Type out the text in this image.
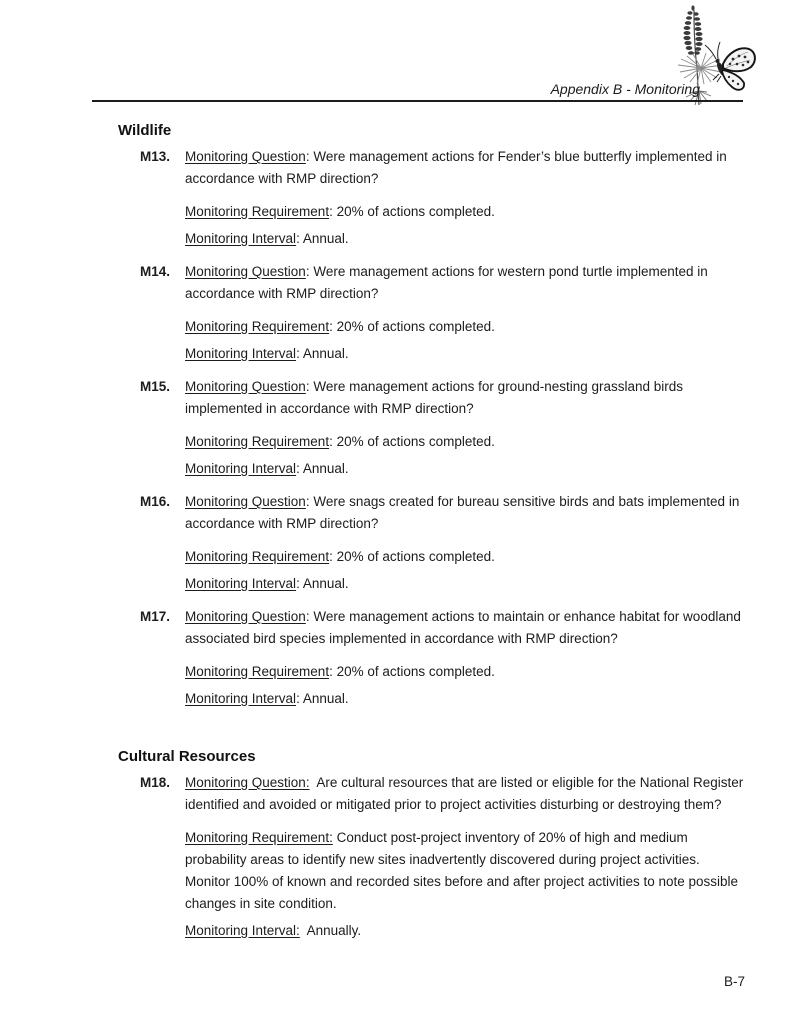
Appendix B - Monitoring
Wildlife
M13.	Monitoring Question: Were management actions for Fender’s blue butterfly implemented in
accordance with RMP direction?
Monitoring Requirement: 20% of actions completed.
Monitoring Interval: Annual.
M14.	Monitoring Question: Were management actions for western pond turtle implemented in
accordance with RMP direction?
Monitoring Requirement: 20% of actions completed.
Monitoring Interval: Annual.
M15.	Monitoring Question: Were management actions for ground-nesting grassland birds
implemented in accordance with RMP direction?
Monitoring Requirement: 20% of actions completed.
Monitoring Interval: Annual.
M16.	Monitoring Question: Were snags created for bureau sensitive birds and bats implemented in
accordance with RMP direction?
Monitoring Requirement: 20% of actions completed.
Monitoring Interval: Annual.
M17.	Monitoring Question: Were management actions to maintain or enhance habitat for woodland
associated bird species implemented in accordance with RMP direction?
Monitoring Requirement: 20% of actions completed.
Monitoring Interval: Annual.
Cultural Resources
M18.	Monitoring Question: Are cultural resources that are listed or eligible for the National Register
identified and avoided or mitigated prior to project activities disturbing or destroying them?
Monitoring Requirement: Conduct post-project inventory of 20% of high and medium
probability areas to identify new sites inadvertently discovered during project activities.
Monitor 100% of known and recorded sites before and after project activities to note possible
changes in site condition.
Monitoring Interval: Annually.
B-7
